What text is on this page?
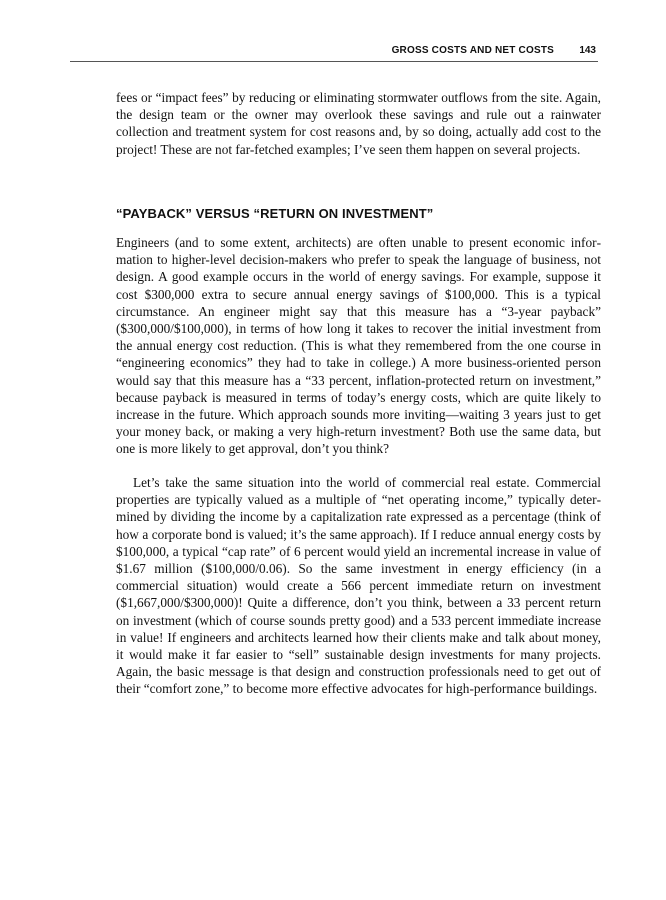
GROSS COSTS AND NET COSTS	143

fees or “impact fees” by reducing or eliminating stormwater outflows from the site. Again, the design team or the owner may overlook these savings and rule out a rainwater collection and treatment system for cost reasons and, by so doing, actually add cost to the project! These are not far-fetched examples; I’ve seen them happen on several projects.

“PAYBACK” VERSUS “RETURN ON INVESTMENT”

Engineers (and to some extent, architects) are often unable to present economic information to higher-level decision-makers who prefer to speak the language of business, not design. A good example occurs in the world of energy savings. For example, suppose it cost $300,000 extra to secure annual energy savings of $100,000. This is a typical circumstance. An engineer might say that this measure has a “3-year payback” ($300,000/$100,000), in terms of how long it takes to recover the initial investment from the annual energy cost reduction. (This is what they remembered from the one course in “engineering economics” they had to take in college.) A more business-oriented person would say that this measure has a “33 percent, inflation-protected return on investment,” because payback is measured in terms of today’s energy costs, which are quite likely to increase in the future. Which approach sounds more inviting—waiting 3 years just to get your money back, or making a very high-return investment? Both use the same data, but one is more likely to get approval, don’t you think?

Let’s take the same situation into the world of commercial real estate. Commercial properties are typically valued as a multiple of “net operating income,” typically determined by dividing the income by a capitalization rate expressed as a percentage (think of how a corporate bond is valued; it’s the same approach). If I reduce annual energy costs by $100,000, a typical “cap rate” of 6 percent would yield an incremental increase in value of $1.67 million ($100,000/0.06). So the same investment in energy efficiency (in a commercial situation) would create a 566 percent immediate return on investment ($1,667,000/$300,000)! Quite a difference, don’t you think, between a 33 percent return on investment (which of course sounds pretty good) and a 533 percent immediate increase in value! If engineers and architects learned how their clients make and talk about money, it would make it far easier to “sell” sustainable design investments for many projects. Again, the basic message is that design and construction professionals need to get out of their “comfort zone,” to become more effective advocates for high-performance buildings.
